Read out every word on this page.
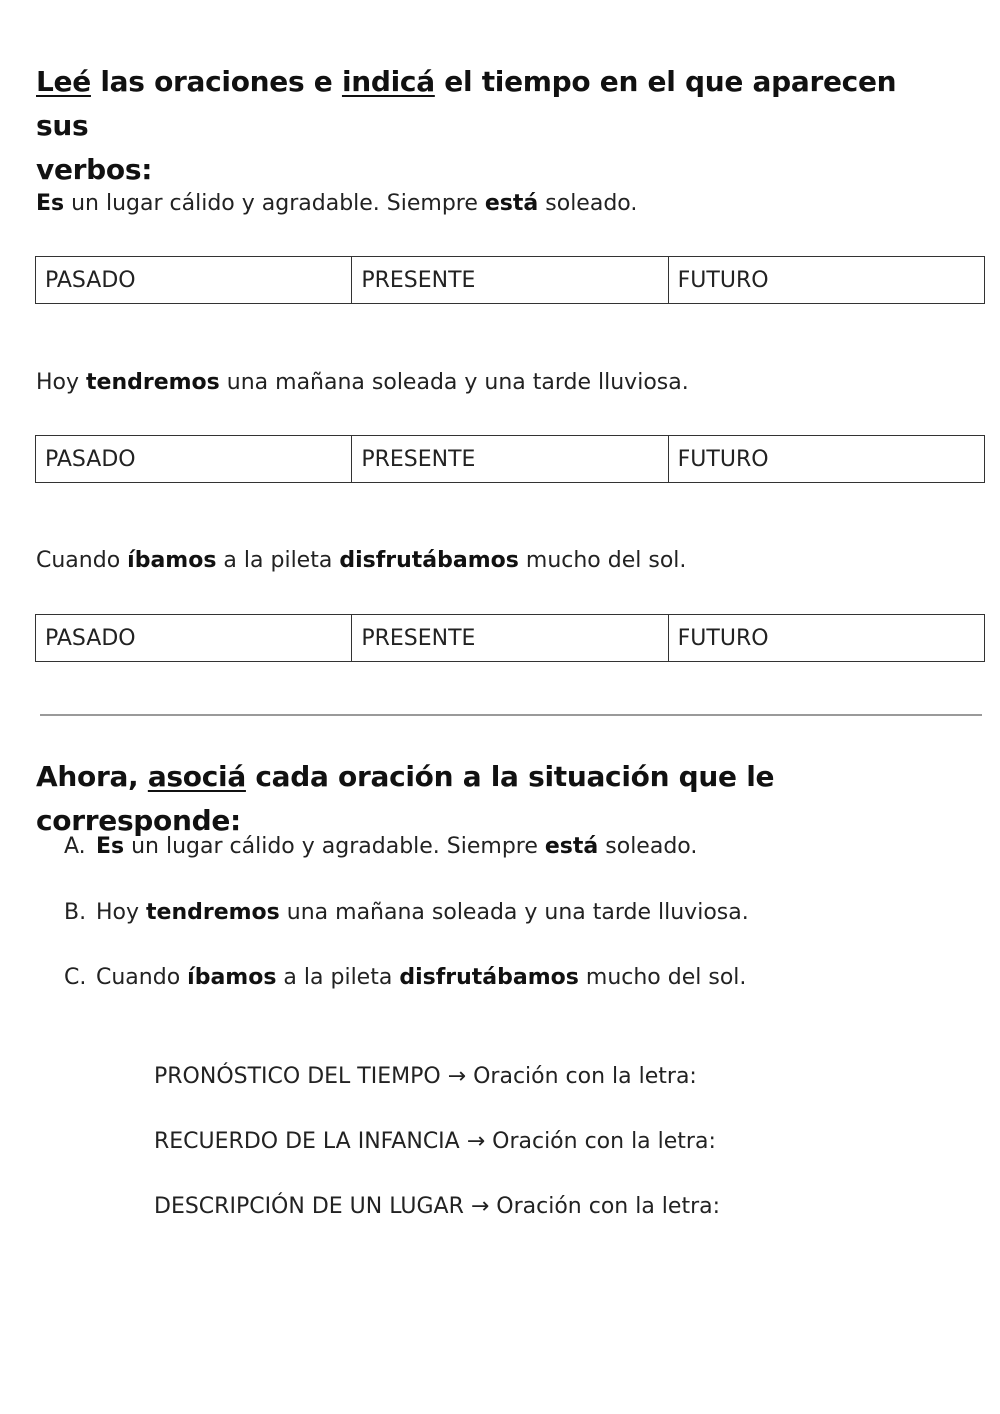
Leé las oraciones e indicá el tiempo en el que aparecen sus
verbos:

Es un lugar cálido y agradable. Siempre está soleado.

PASADO	PRESENTE	FUTURO

Hoy tendremos una mañana soleada y una tarde lluviosa.

PASADO	PRESENTE	FUTURO

Cuando íbamos a la pileta disfrutábamos mucho del sol.

PASADO	PRESENTE	FUTURO

Ahora, asociá cada oración a la situación que le corresponde:

A. Es un lugar cálido y agradable. Siempre está soleado.
B. Hoy tendremos una mañana soleada y una tarde lluviosa.
C. Cuando íbamos a la pileta disfrutábamos mucho del sol.
PRONÓSTICO DEL TIEMPO → Oración con la letra:
RECUERDO DE LA INFANCIA → Oración con la letra:
DESCRIPCIÓN DE UN LUGAR → Oración con la letra:
